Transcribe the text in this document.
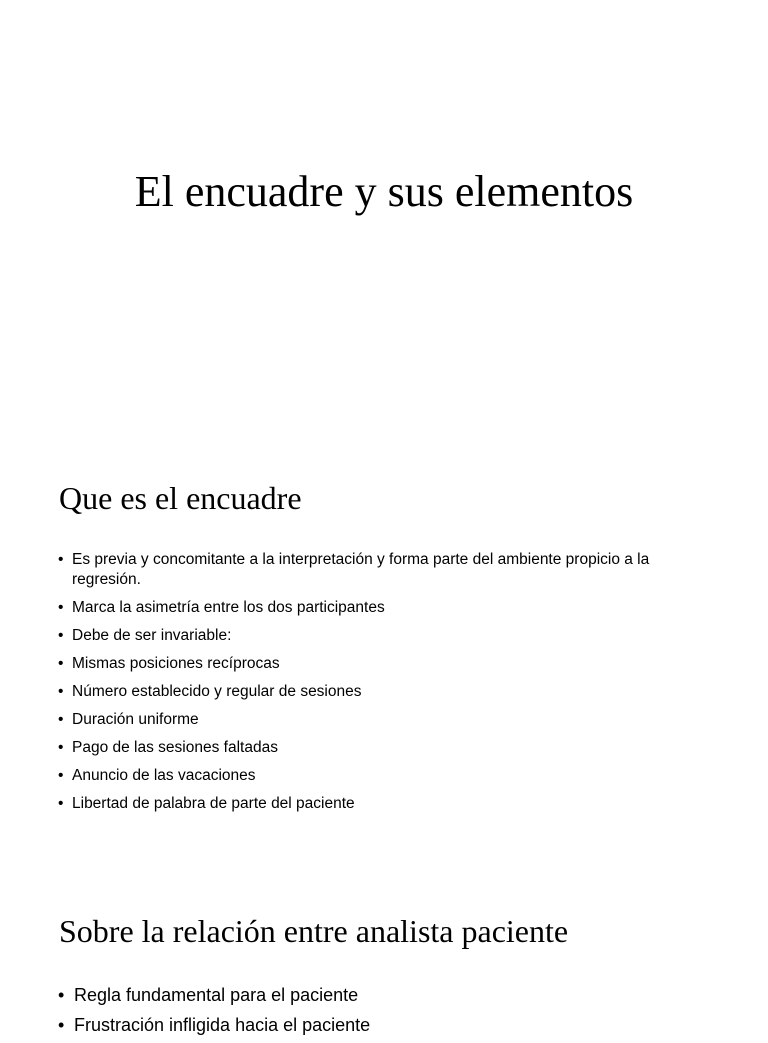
El encuadre y sus elementos
Que es el encuadre
• Es previa y concomitante a la interpretación y forma parte del ambiente propicio a la regresión.
• Marca la asimetría entre los dos participantes
• Debe de ser invariable:
• Mismas posiciones recíprocas
• Número establecido y regular de sesiones
• Duración uniforme
• Pago de las sesiones faltadas
• Anuncio de las vacaciones
• Libertad de palabra de parte del paciente
Sobre la relación entre analista paciente
• Regla fundamental para el paciente
• Frustración infligida hacia el paciente
